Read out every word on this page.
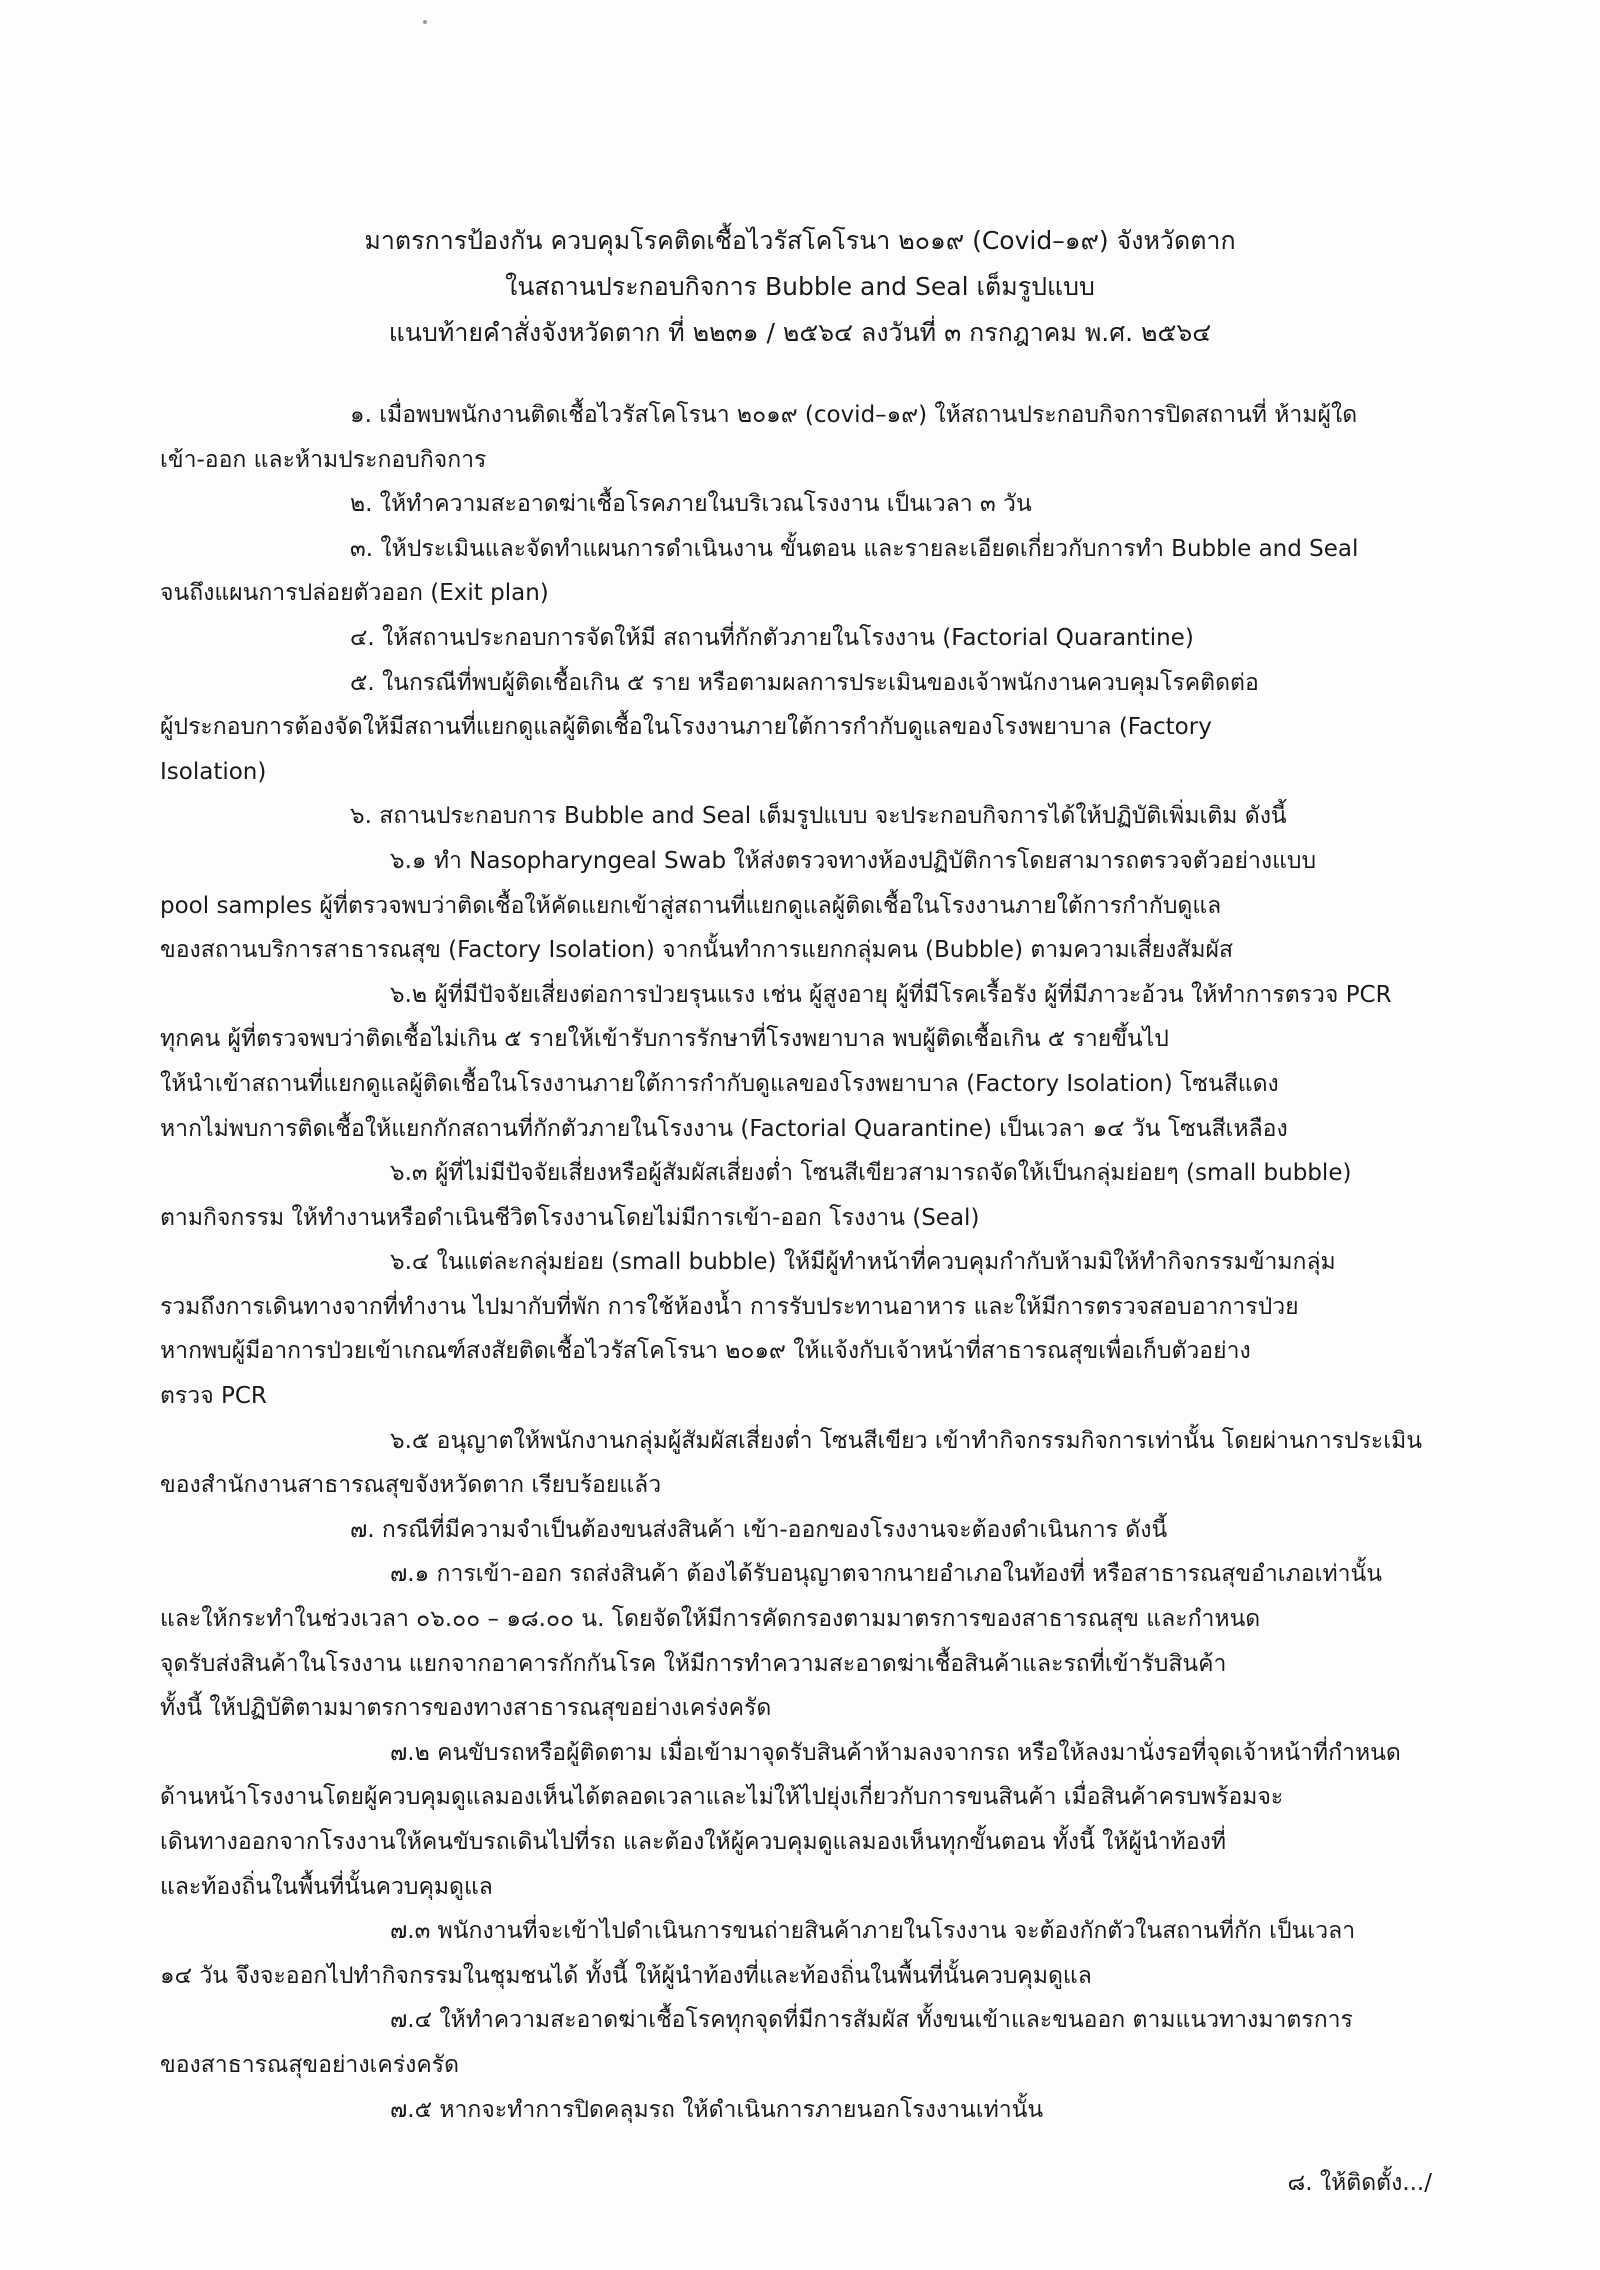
มาตรการป้องกัน ควบคุมโรคติดเชื้อไวรัสโคโรนา ๒๐๑๙ (Covid–๑๙) จังหวัดตาก
ในสถานประกอบกิจการ Bubble and Seal เต็มรูปแบบ
แนบท้ายคำสั่งจังหวัดตาก ที่ ๒๒๓๑ / ๒๕๖๔ ลงวันที่ ๓ กรกฎาคม พ.ศ. ๒๕๖๔
๑. เมื่อพบพนักงานติดเชื้อไวรัสโคโรนา ๒๐๑๙ (covid–๑๙) ให้สถานประกอบกิจการปิดสถานที่ ห้ามผู้ใด
เข้า-ออก และห้ามประกอบกิจการ
๒. ให้ทำความสะอาดฆ่าเชื้อโรคภายในบริเวณโรงงาน เป็นเวลา ๓ วัน
๓. ให้ประเมินและจัดทำแผนการดำเนินงาน ขั้นตอน และรายละเอียดเกี่ยวกับการทำ Bubble and Seal
จนถึงแผนการปล่อยตัวออก (Exit plan)
๔. ให้สถานประกอบการจัดให้มี สถานที่กักตัวภายในโรงงาน (Factorial Quarantine)
๕. ในกรณีที่พบผู้ติดเชื้อเกิน ๕ ราย หรือตามผลการประเมินของเจ้าพนักงานควบคุมโรคติดต่อ
ผู้ประกอบการต้องจัดให้มีสถานที่แยกดูแลผู้ติดเชื้อในโรงงานภายใต้การกำกับดูแลของโรงพยาบาล (Factory
Isolation)
๖. สถานประกอบการ Bubble and Seal เต็มรูปแบบ จะประกอบกิจการได้ให้ปฏิบัติเพิ่มเติม ดังนี้
๖.๑ ทำ Nasopharyngeal Swab ให้ส่งตรวจทางห้องปฏิบัติการโดยสามารถตรวจตัวอย่างแบบ
pool samples ผู้ที่ตรวจพบว่าติดเชื้อให้คัดแยกเข้าสู่สถานที่แยกดูแลผู้ติดเชื้อในโรงงานภายใต้การกำกับดูแล
ของสถานบริการสาธารณสุข (Factory Isolation) จากนั้นทำการแยกกลุ่มคน (Bubble) ตามความเสี่ยงสัมผัส
๖.๒ ผู้ที่มีปัจจัยเสี่ยงต่อการป่วยรุนแรง เช่น ผู้สูงอายุ ผู้ที่มีโรคเรื้อรัง ผู้ที่มีภาวะอ้วน ให้ทำการตรวจ PCR
ทุกคน ผู้ที่ตรวจพบว่าติดเชื้อไม่เกิน ๕ รายให้เข้ารับการรักษาที่โรงพยาบาล พบผู้ติดเชื้อเกิน ๕ รายขึ้นไป
ให้นำเข้าสถานที่แยกดูแลผู้ติดเชื้อในโรงงานภายใต้การกำกับดูแลของโรงพยาบาล (Factory Isolation) โซนสีแดง
หากไม่พบการติดเชื้อให้แยกกักสถานที่กักตัวภายในโรงงาน (Factorial Quarantine) เป็นเวลา ๑๔ วัน โซนสีเหลือง
๖.๓ ผู้ที่ไม่มีปัจจัยเสี่ยงหรือผู้สัมผัสเสี่ยงต่ำ โซนสีเขียวสามารถจัดให้เป็นกลุ่มย่อยๆ (small bubble)
ตามกิจกรรม ให้ทำงานหรือดำเนินชีวิตโรงงานโดยไม่มีการเข้า-ออก โรงงาน (Seal)
๖.๔ ในแต่ละกลุ่มย่อย (small bubble) ให้มีผู้ทำหน้าที่ควบคุมกำกับห้ามมิให้ทำกิจกรรมข้ามกลุ่ม
รวมถึงการเดินทางจากที่ทำงาน ไปมากับที่พัก การใช้ห้องน้ำ การรับประทานอาหาร และให้มีการตรวจสอบอาการป่วย
หากพบผู้มีอาการป่วยเข้าเกณฑ์สงสัยติดเชื้อไวรัสโคโรนา ๒๐๑๙ ให้แจ้งกับเจ้าหน้าที่สาธารณสุขเพื่อเก็บตัวอย่าง
ตรวจ PCR
๖.๕ อนุญาตให้พนักงานกลุ่มผู้สัมผัสเสี่ยงต่ำ โซนสีเขียว เข้าทำกิจกรรมกิจการเท่านั้น โดยผ่านการประเมิน
ของสำนักงานสาธารณสุขจังหวัดตาก เรียบร้อยแล้ว
๗. กรณีที่มีความจำเป็นต้องขนส่งสินค้า เข้า-ออกของโรงงานจะต้องดำเนินการ ดังนี้
๗.๑ การเข้า-ออก รถส่งสินค้า ต้องได้รับอนุญาตจากนายอำเภอในท้องที่ หรือสาธารณสุขอำเภอเท่านั้น
และให้กระทำในช่วงเวลา ๐๖.๐๐ – ๑๘.๐๐ น. โดยจัดให้มีการคัดกรองตามมาตรการของสาธารณสุข และกำหนด
จุดรับส่งสินค้าในโรงงาน แยกจากอาคารกักกันโรค ให้มีการทำความสะอาดฆ่าเชื้อสินค้าและรถที่เข้ารับสินค้า
ทั้งนี้ ให้ปฏิบัติตามมาตรการของทางสาธารณสุขอย่างเคร่งครัด
๗.๒ คนขับรถหรือผู้ติดตาม เมื่อเข้ามาจุดรับสินค้าห้ามลงจากรถ หรือให้ลงมานั่งรอที่จุดเจ้าหน้าที่กำหนด
ด้านหน้าโรงงานโดยผู้ควบคุมดูแลมองเห็นได้ตลอดเวลาและไม่ให้ไปยุ่งเกี่ยวกับการขนสินค้า เมื่อสินค้าครบพร้อมจะ
เดินทางออกจากโรงงานให้คนขับรถเดินไปที่รถ และต้องให้ผู้ควบคุมดูแลมองเห็นทุกขั้นตอน ทั้งนี้ ให้ผู้นำท้องที่
และท้องถิ่นในพื้นที่นั้นควบคุมดูแล
๗.๓ พนักงานที่จะเข้าไปดำเนินการขนถ่ายสินค้าภายในโรงงาน จะต้องกักตัวในสถานที่กัก เป็นเวลา
๑๔ วัน จึงจะออกไปทำกิจกรรมในชุมชนได้ ทั้งนี้ ให้ผู้นำท้องที่และท้องถิ่นในพื้นที่นั้นควบคุมดูแล
๗.๔ ให้ทำความสะอาดฆ่าเชื้อโรคทุกจุดที่มีการสัมผัส ทั้งขนเข้าและขนออก ตามแนวทางมาตรการ
ของสาธารณสุขอย่างเคร่งครัด
๗.๕ หากจะทำการปิดคลุมรถ ให้ดำเนินการภายนอกโรงงานเท่านั้น
๘. ให้ติดตั้ง.../
